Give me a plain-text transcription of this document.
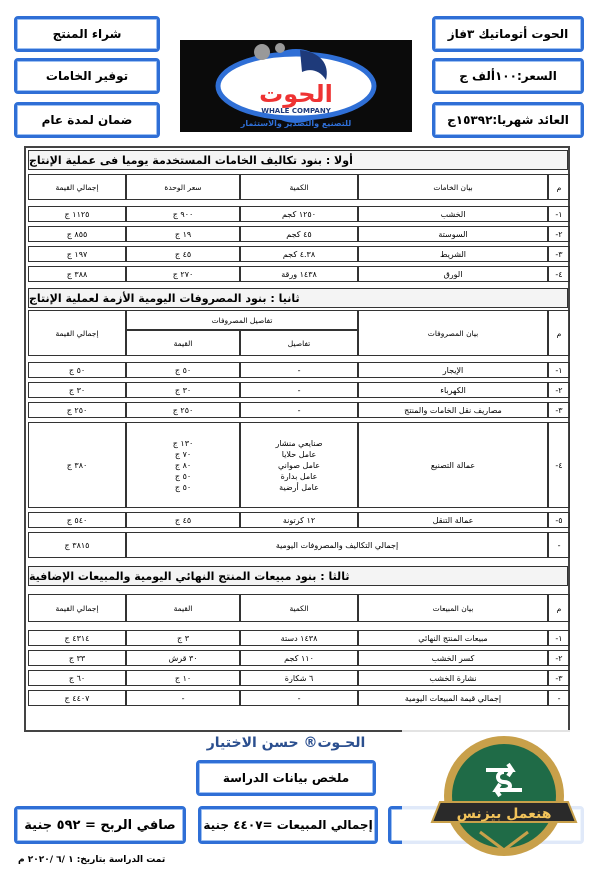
الحوت أتوماتيك ٣فاز
السعر:١٠٠ألف ج
العائد شهريا:١٥٣٩٢ج
شراء المنتج
توفير الخامات
ضمان لمدة عام
الحوت
WHALE COMPANY
للتصنيع والتصدير والاستثمار
أولا : بنود تكاليف الخامات المستخدمة يوميا فى عملية الإنتاج
م
بيان الخامات
الكمية
سعر الوحدة
إجمالي القيمة
١-
الخشب
١٢٥٠ كجم
٩٠٠ ج
١١٢٥ ج
٢-
السوستة
٤٥ كجم
١٩ ج
٨٥٥ ج
٣-
الشريط
٤.٣٨ كجم
٤٥ ج
١٩٧ ج
٤-
الورق
١٤٣٨ ورقة
٢٧٠ ج
٣٨٨ ج
ثانيا : بنود المصروفات اليومية الأزمة لعملية الإنتاج
م
بيان المصروفات
تفاصيل المصروفات
تفاصيل
القيمة
إجمالي القيمة
١-
الإيجار
-
٥٠ ج
٥٠ ج
٢-
الكهرباء
-
٣٠ ج
٣٠ ج
٣-
مصاريف نقل الخامات والمنتج
-
٢٥٠ ج
٢٥٠ ج
٤-
عمالة التصنيع
صنايعي منشار
عامل حلايا
عامل صواني
عامل بدارة
عامل أرضية
١٣٠ ج
٧٠ ج
٨٠ ج
٥٠ ج
٥٠ ج
٣٨٠ ج
٥-
عمالة التنقل
١٢ كرتونة
٤٥ ج
٥٤٠ ج
-
إجمالي التكاليف والمصروفات اليومية
٣٨١٥ ج
ثالثا : بنود مبيعات المنتج النهائي اليومية والمبيعات الإضافية
م
بيان المبيعات
الكمية
القيمة
إجمالي القيمة
١-
مبيعات المنتج النهائي
١٤٣٨ دستة
٣ ج
٤٣١٤ ج
٢-
كسر الخشب
١١٠ كجم
٣٠ قرش
٣٣ ج
٣-
نشارة الخشب
٦ شكارة
١٠ ج
٦٠ ج
-
إجمالي قيمة المبيعات اليومية
-
-
٤٤٠٧ ج
الحـوت® حسن الاختيار
ملخص بيانات الدراسة
صافي الربح = ٥٩٢ جنية إجمالي المبيعات =٤٤٠٧ جنية
تمت الدراسة بتاريخ: ١ /٦ /٢٠٢٠ م
هنعمل بيزنس
